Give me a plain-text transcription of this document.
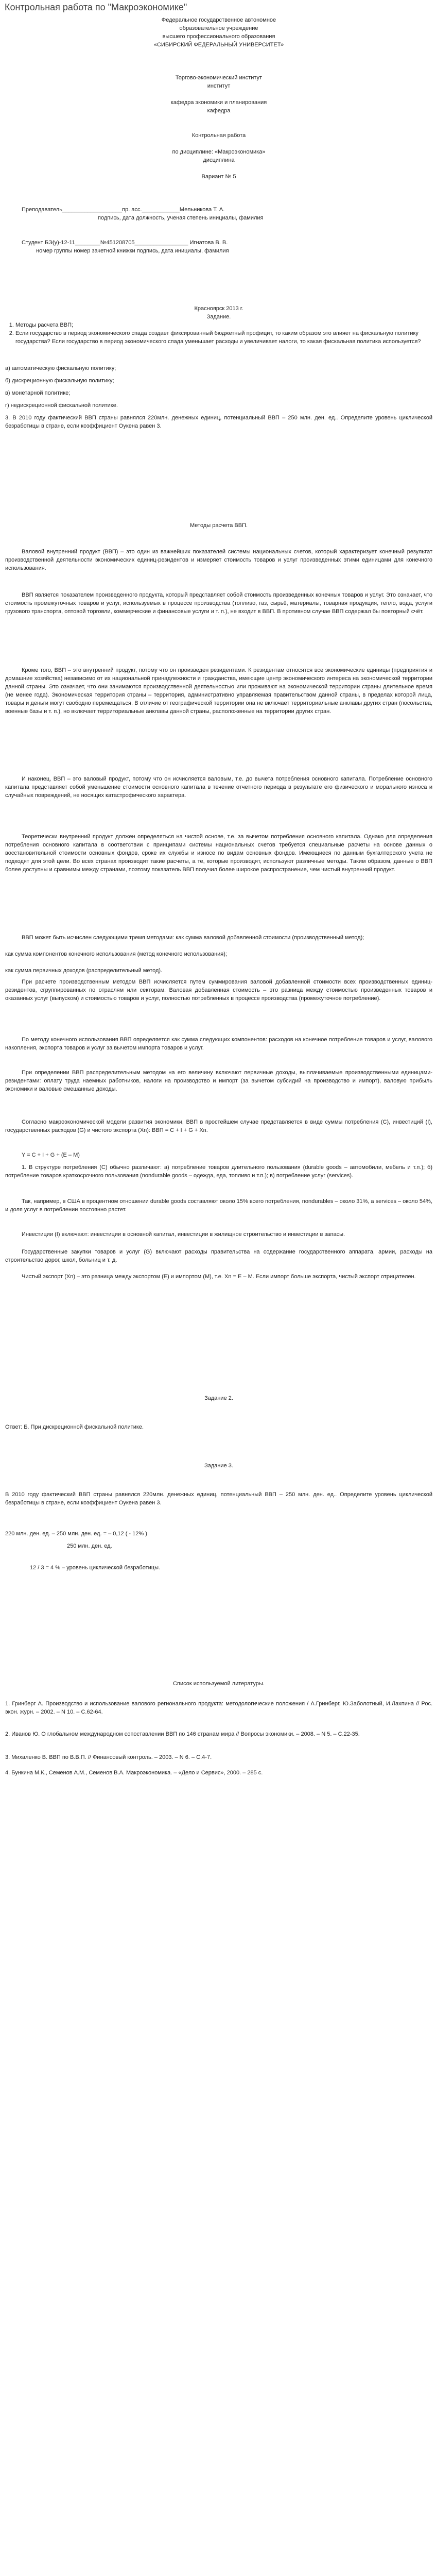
Контрольная работа по "Макроэкономике"

Федеральное государственное автономное

образовательное учреждение

высшего профессионального образования

«СИБИРСКИЙ ФЕДЕРАЛЬНЫЙ УНИВЕРСИТЕТ»

Торгово-экономический институт

институт

кафедра экономики и планирования

кафедра

Контрольная работа

по дисциплине: «Макроэкономика»

дисциплина

Вариант № 5

Преподаватель___________________пр. асс.____________Мельникова Т. А.

подпись, дата должность, ученая степень инициалы, фамилия

Студент БЭ(у)-12-11________№451208705_________________ Игнатова В. В.

номер группы номер зачетной книжки подпись, дата инициалы, фамилия

Красноярск 2013 г.

Задание.

1. Методы расчета ВВП;
2. Если государство в период экономического спада создает фиксированный бюджетный профицит, то каким образом это влияет на фискальную политику государства? Если государство в период экономического спада уменьшает расходы и увеличивает налоги, то какая фискальная политика используется?

а) автоматическую фискальную политику;

б) дискреционную фискальную политику;

в) монетарной политике;

г) недискреционной фискальной политике.

3. В 2010 году фактический ВВП страны равнялся 220млн. денежных единиц, потенциальный ВВП – 250 млн. ден. ед.. Определите уровень циклической безработицы в стране, если коэффициент Оукена равен 3.

Методы расчета ВВП.

Валовой внутренний продукт (ВВП) – это один из важнейших показателей системы национальных счетов, который характеризует конечный результат производственной деятельности экономических единиц-резидентов и измеряет стоимость товаров и услуг произведенных этими единицами для конечного использования.

ВВП является показателем произведенного продукта, который представляет собой стоимость произведенных конечных товаров и услуг. Это означает, что стоимость промежуточных товаров и услуг, используемых в процессе производства (топливо, газ, сырьё, материалы, товарная продукция, тепло, вода, услуги грузового транспорта, оптовой торговли, коммерческие и финансовые услуги и т. п.), не входит в ВВП. В противном случае ВВП содержал бы повторный счёт.

Кроме того, ВВП – это внутренний продукт, потому что он произведен резидентами. К резидентам относятся все экономические единицы (предприятия и домашние хозяйства) независимо от их национальной принадлежности и гражданства, имеющие центр экономического интереса на экономической территории данной страны. Это означает, что они занимаются производственной деятельностью или проживают на экономической территории страны длительное время (не менее года). Экономическая территория страны – территория, административно управляемая правительством данной страны, в пределах которой лица, товары и деньги могут свободно перемещаться. В отличие от географической территории она не включает территориальные анклавы других стран (посольства, военные базы и т. п.), но включает территориальные анклавы данной страны, расположенные на территории других стран.

И наконец, ВВП – это валовый продукт, потому что он исчисляется валовым, т.е. до вычета потребления основного капитала. Потребление основного капитала представляет собой уменьшение стоимости основного капитала в течение отчетного периода в результате его физического и морального износа и случайных повреждений, не носящих катастрофического характера.

Теоретически внутренний продукт должен определяться на чистой основе, т.е. за вычетом потребления основного капитала. Однако для определения потребления основного капитала в соответствии с принципами системы национальных счетов требуется специальные расчеты на основе данных о восстановительной стоимости основных фондов, сроке их службы и износе по видам основных фондов. Имеющиеся по данным бухгалтерского учета не подходят для этой цели. Во всех странах производят такие расчеты, а те, которые производят, используют различные методы. Таким образом, данные о ВВП более доступны и сравнимы между странами, поэтому показатель ВВП получил более широкое распространение, чем чистый внутренний продукт.

ВВП может быть исчислен следующими тремя методами: как сумма валовой добавленной стоимости (производственный метод);

как сумма компонентов конечного использования (метод конечного использования);

как сумма первичных доходов (распределительный метод).

При расчете производственным методом ВВП исчисляется путем суммирования валовой добавленной стоимости всех производственных единиц-резидентов, сгруппированных по отраслям или секторам. Валовая добавленная стоимость – это разница между стоимостью произведенных товаров и оказанных услуг (выпуском) и стоимостью товаров и услуг, полностью потребленных в процессе производства (промежуточное потребление).

По методу конечного использования ВВП определяется как сумма следующих компонентов: расходов на конечное потребление товаров и услуг, валового накопления, экспорта товаров и услуг за вычетом импорта товаров и услуг.

При определении ВВП распределительным методом на его величину включают первичные доходы, выплачиваемые производственными единицами-резидентами: оплату труда наемных работников, налоги на производство и импорт (за вычетом субсидий на производство и импорт), валовую прибыль экономики и валовые смешанные доходы.

Согласно макроэкономической модели развития экономики, ВВП в простейшем случае представляется в виде суммы потребления (C), инвестиций (I), государственных расходов (G) и чистого экспорта (Xn): ВВП = C + I + G + Xn.

Y = C + I + G + (E – M)

1. В структуре потребления (C) обычно различают: а) потребление товаров длительного пользования (durable goods – автомобили, мебель и т.п.); б) потребление товаров краткосрочного пользования (nondurable goods – одежда, еда, топливо и т.п.); в) потребление услуг (services).

Так, например, в США в процентном отношении durable goods составляют около 15% всего потребления, nondurables – около 31%, а services – около 54%, и доля услуг в потреблении постоянно растет.

Инвестиции (I) включают: инвестиции в основной капитал, инвестиции в жилищное строительство и инвестиции в запасы.

Государственные закупки товаров и услуг (G) включают расходы правительства на содержание государственного аппарата, армии, расходы на строительство дорог, школ, больниц и т. д.

Чистый экспорт (Xn) – это разница между экспортом (E) и импортом (M), т.е. Xn = E – M. Если импорт больше экспорта, чистый экспорт отрицателен.

Задание 2.

Ответ: Б. При дискреционной фискальной политике.

Задание 3.

В 2010 году фактический ВВП страны равнялся 220млн. денежных единиц, потенциальный ВВП – 250 млн. ден. ед.. Определите уровень циклической безработицы в стране, если коэффициент Оукена равен 3.

220 млн. ден. ед. – 250 млн. ден. ед. = – 0,12 ( - 12% )

250 млн. ден. ед.

12 / 3 = 4 % – уровень циклической безработицы.

Список используемой литературы.

1. Гринберг А. Производство и использование валового регионального продукта: методологические положения / А.Гринберг, Ю.Заболотный, И.Лахпина // Рос. экон. журн. – 2002. – N 10. – С.62-64.

2. Иванов Ю. О глобальном международном сопоставлении ВВП по 146 странам мира // Вопросы экономики. – 2008. – N 5. – С.22-35.

3. Михаленко В. ВВП по В.В.П. // Финансовый контроль. – 2003. – N 6. – С.4-7.

4. Бункина М.К., Семенов А.М., Семенов В.А. Макроэкономика. – «Дело и Сервис», 2000. – 285 с.
